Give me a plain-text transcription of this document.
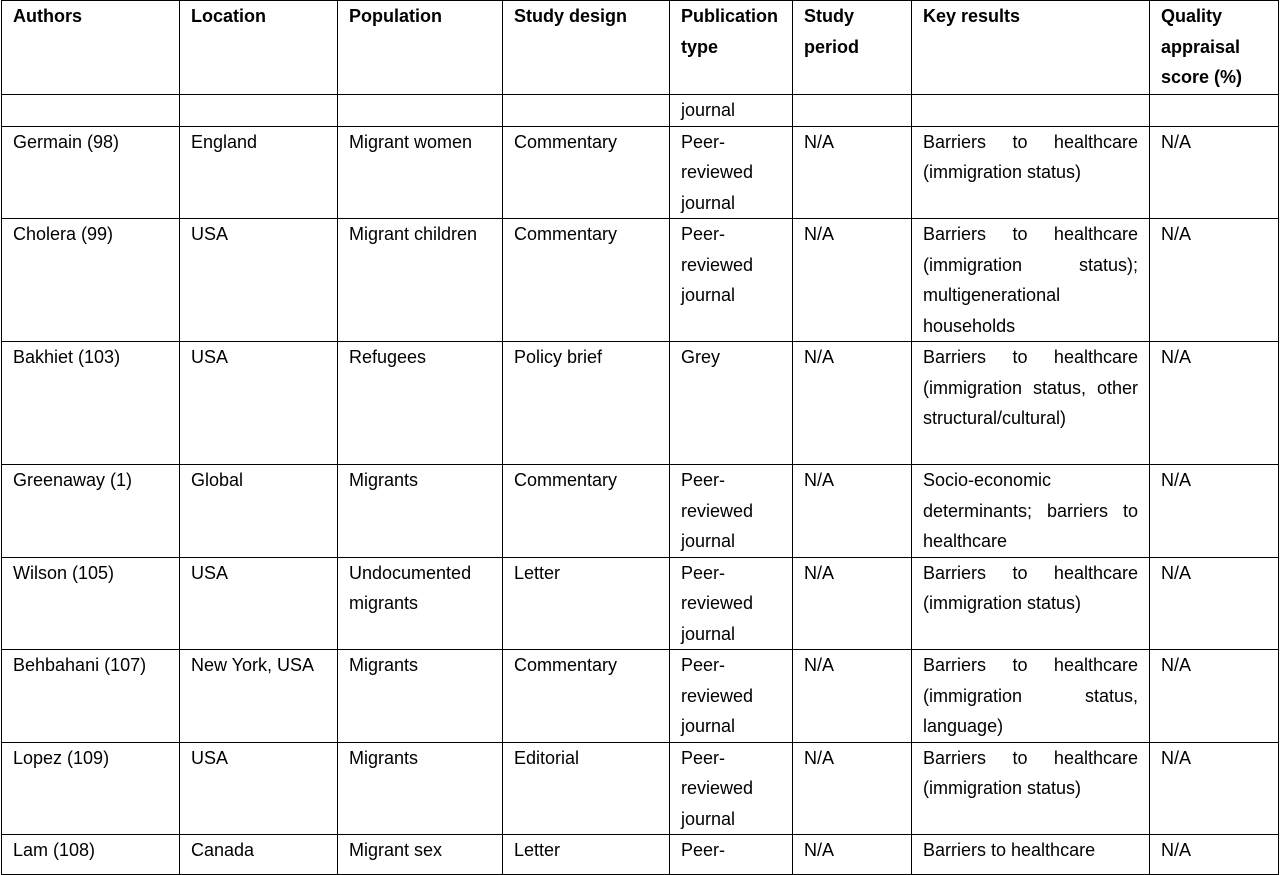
Authors	Location	Population	Study design	Publication type	Study period	Key results	Quality appraisal score (%)
				journal			
Germain (98)	England	Migrant women	Commentary	Peer-reviewed journal	N/A	Barriers to healthcare (immigration status)	N/A
Cholera (99)	USA	Migrant children	Commentary	Peer-reviewed journal	N/A	Barriers to healthcare (immigration status); multigenerational households	N/A
Bakhiet (103)	USA	Refugees	Policy brief	Grey	N/A	Barriers to healthcare (immigration status, other structural/cultural)	N/A
Greenaway (1)	Global	Migrants	Commentary	Peer-reviewed journal	N/A	Socio-economic determinants; barriers to healthcare	N/A
Wilson (105)	USA	Undocumented migrants	Letter	Peer-reviewed journal	N/A	Barriers to healthcare (immigration status)	N/A
Behbahani (107)	New York, USA	Migrants	Commentary	Peer-reviewed journal	N/A	Barriers to healthcare (immigration status, language)	N/A
Lopez (109)	USA	Migrants	Editorial	Peer-reviewed journal	N/A	Barriers to healthcare (immigration status)	N/A
Lam (108)	Canada	Migrant sex	Letter	Peer-	N/A	Barriers to healthcare	N/A
